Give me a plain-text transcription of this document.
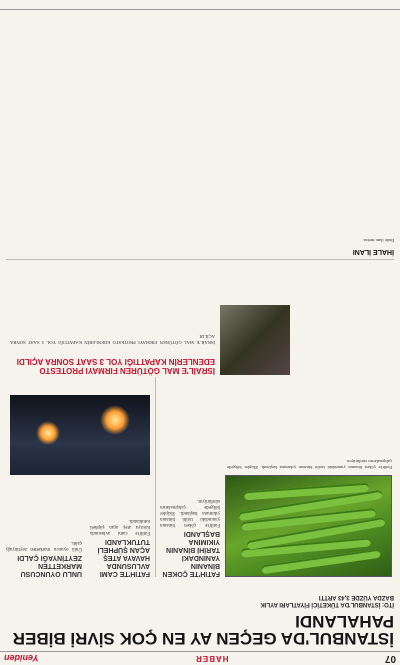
07
HABER
Yeniden
İSTANBUL'DA GEÇEN AY EN ÇOK SİVRİ BİBER PAHALANDI

İTO: İSTANBUL'DA TÜKETİCİ FİYATLARI AYLIK

BAZDA YÜZDE 3,43 ARTTI

FATİH'TE ÇÖKEN BİNANIN YANINDAKİ TARİHİ BİNANIN YIKIMINA BAŞLANDI

Fatih'te çöken binanın yanındaki tarihi binanın yıkımına başlandı. Ekipler bölgede çalışmalarını sürdürüyor.

FATİH'TE CAMİ AVLUSUNDA HAVAYA ATEŞ AÇAN ŞÜPHELİ TUTUKLANDI

Fatih'te cami avlusunda havaya ateş açan şüpheli tutuklandı.

ÜNLÜ OYUNCUSU MARKETTEN ZEYTİNYAĞI ÇALDI

Ünlü oyuncu marketten zeytinyağı çaldı.

İSRAİL'E MAL GÖTÜREN FIRMAYI PROTESTO EDENLERİN KAPATTIĞI YOL 3 SAAT SONRA AÇILDI
Fatih'te çöken binanın yanındaki tarihi binanın yıkımına başlandı. Ekipler bölgede çalışmalarını sürdürüyor.
İSRAİL'E MAL GÖTÜREN FIRMAYI PROTESTO EDENLERİN KAPATTIĞI YOL 3 SAAT SONRA AÇILDI
İHALE İLANI
İhale ilanı metni.
